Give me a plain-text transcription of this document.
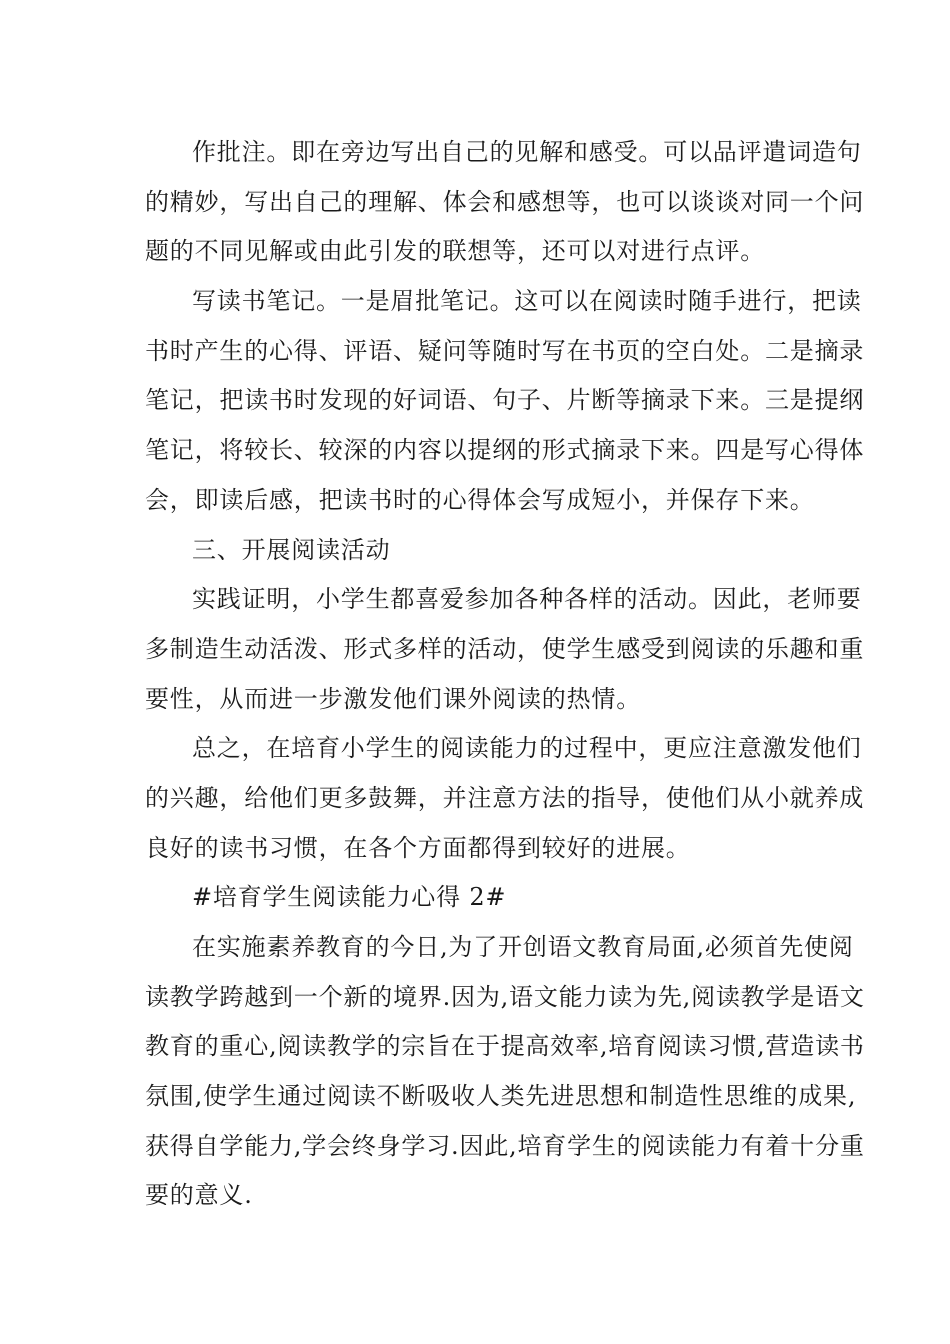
作批注。即在旁边写出自己的见解和感受。可以品评遣词造句
的精妙，写出自己的理解、体会和感想等，也可以谈谈对同一个问
题的不同见解或由此引发的联想等，还可以对进行点评。
写读书笔记。一是眉批笔记。这可以在阅读时随手进行，把读
书时产生的心得、评语、疑问等随时写在书页的空白处。二是摘录
笔记，把读书时发现的好词语、句子、片断等摘录下来。三是提纲
笔记，将较长、较深的内容以提纲的形式摘录下来。四是写心得体
会，即读后感，把读书时的心得体会写成短小，并保存下来。
三、开展阅读活动
实践证明，小学生都喜爱参加各种各样的活动。因此，老师要
多制造生动活泼、形式多样的活动，使学生感受到阅读的乐趣和重
要性，从而进一步激发他们课外阅读的热情。
总之，在培育小学生的阅读能力的过程中，更应注意激发他们
的兴趣，给他们更多鼓舞，并注意方法的指导，使他们从小就养成
良好的读书习惯，在各个方面都得到较好的进展。
#培育学生阅读能力心得 2#
在实施素养教育的今日,为了开创语文教育局面,必须首先使阅
读教学跨越到一个新的境界.因为,语文能力读为先,阅读教学是语文
教育的重心,阅读教学的宗旨在于提高效率,培育阅读习惯,营造读书
氛围,使学生通过阅读不断吸收人类先进思想和制造性思维的成果,
获得自学能力,学会终身学习.因此,培育学生的阅读能力有着十分重
要的意义.
